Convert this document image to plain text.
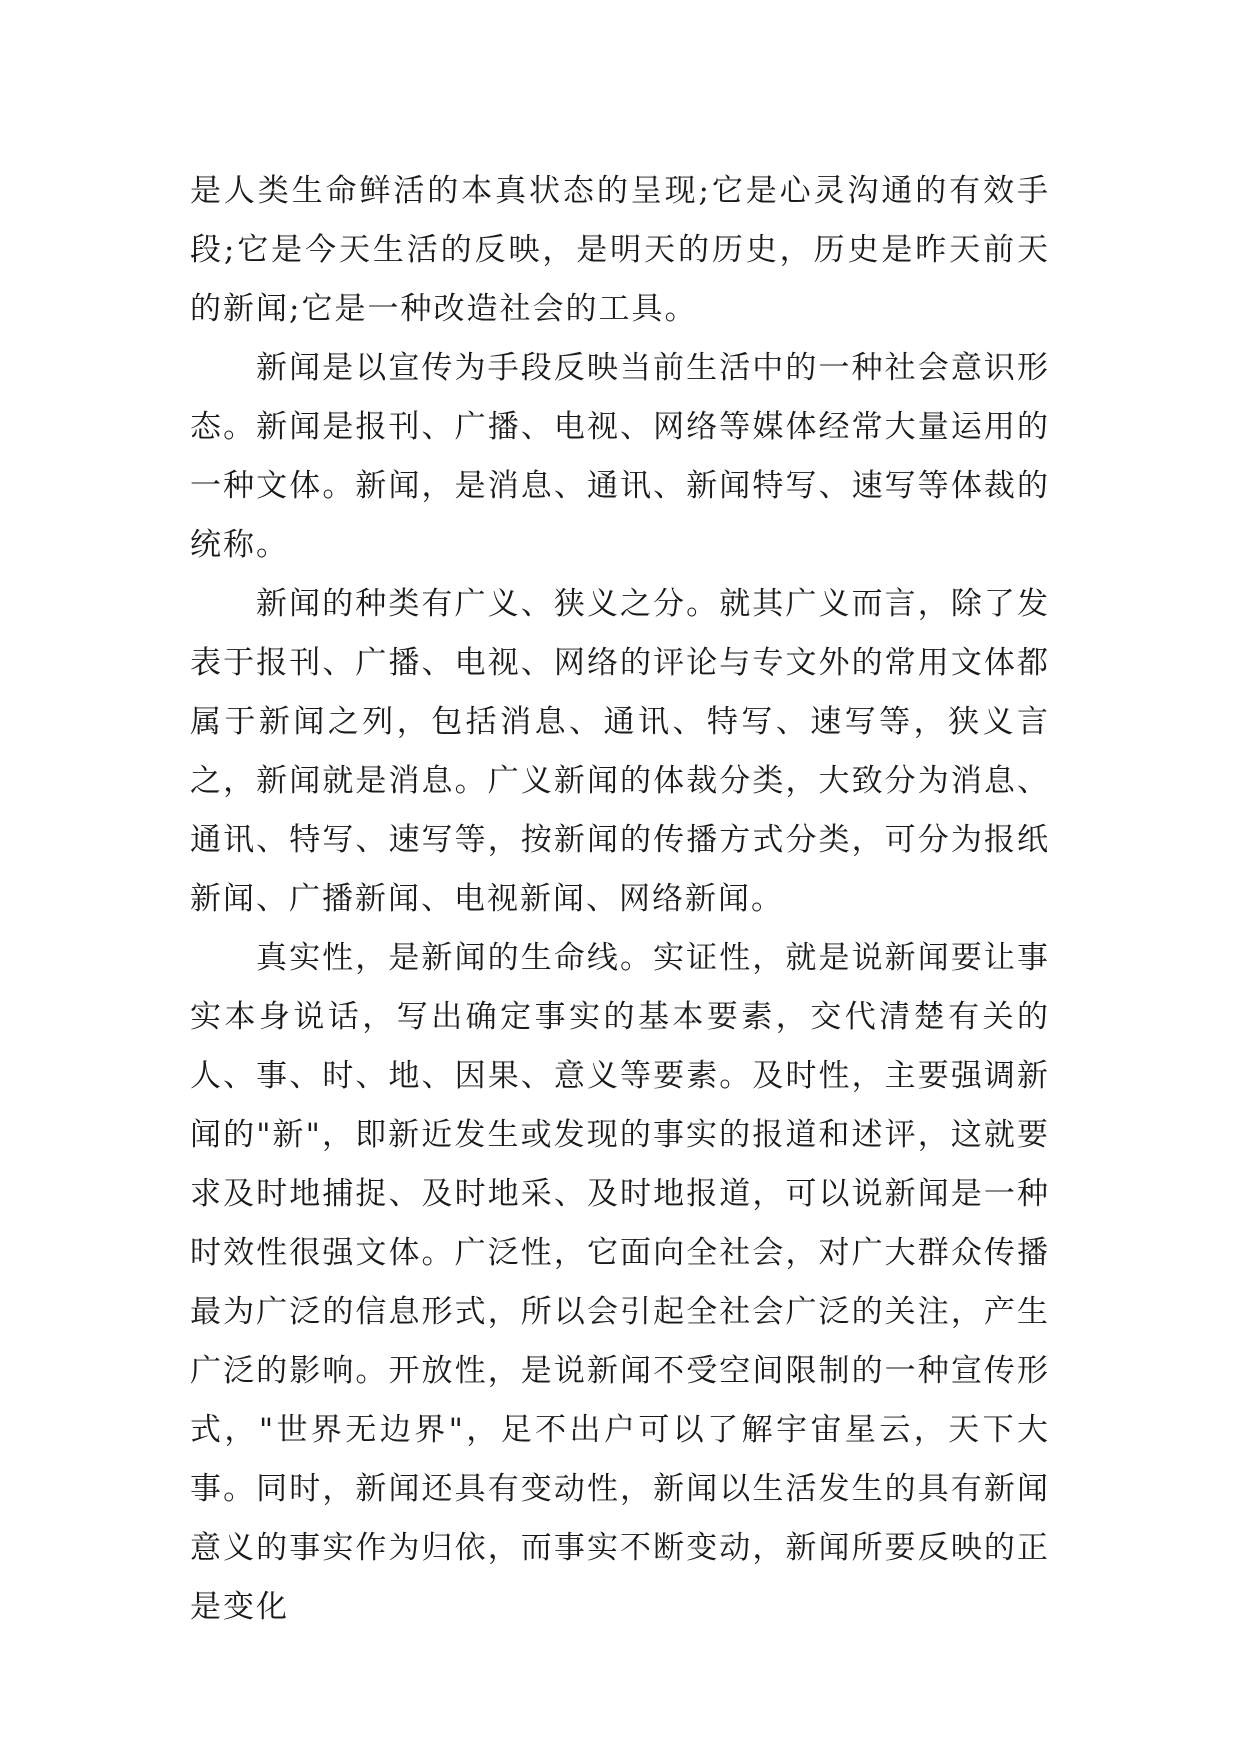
是人类生命鲜活的本真状态的呈现;它是心灵沟通的有效手段;它是今天生活的反映，是明天的历史，历史是昨天前天的新闻;它是一种改造社会的工具。

新闻是以宣传为手段反映当前生活中的一种社会意识形态。新闻是报刊、广播、电视、网络等媒体经常大量运用的一种文体。新闻，是消息、通讯、新闻特写、速写等体裁的统称。

新闻的种类有广义、狭义之分。就其广义而言，除了发表于报刊、广播、电视、网络的评论与专文外的常用文体都属于新闻之列，包括消息、通讯、特写、速写等，狭义言之，新闻就是消息。广义新闻的体裁分类，大致分为消息、通讯、特写、速写等，按新闻的传播方式分类，可分为报纸新闻、广播新闻、电视新闻、网络新闻。

真实性，是新闻的生命线。实证性，就是说新闻要让事实本身说话，写出确定事实的基本要素，交代清楚有关的人、事、时、地、因果、意义等要素。及时性，主要强调新闻的"新"，即新近发生或发现的事实的报道和述评，这就要求及时地捕捉、及时地采、及时地报道，可以说新闻是一种时效性很强文体。广泛性，它面向全社会，对广大群众传播最为广泛的信息形式，所以会引起全社会广泛的关注，产生广泛的影响。开放性，是说新闻不受空间限制的一种宣传形式，"世界无边界"，足不出户可以了解宇宙星云，天下大事。同时，新闻还具有变动性，新闻以生活发生的具有新闻意义的事实作为归依，而事实不断变动，新闻所要反映的正是变化
